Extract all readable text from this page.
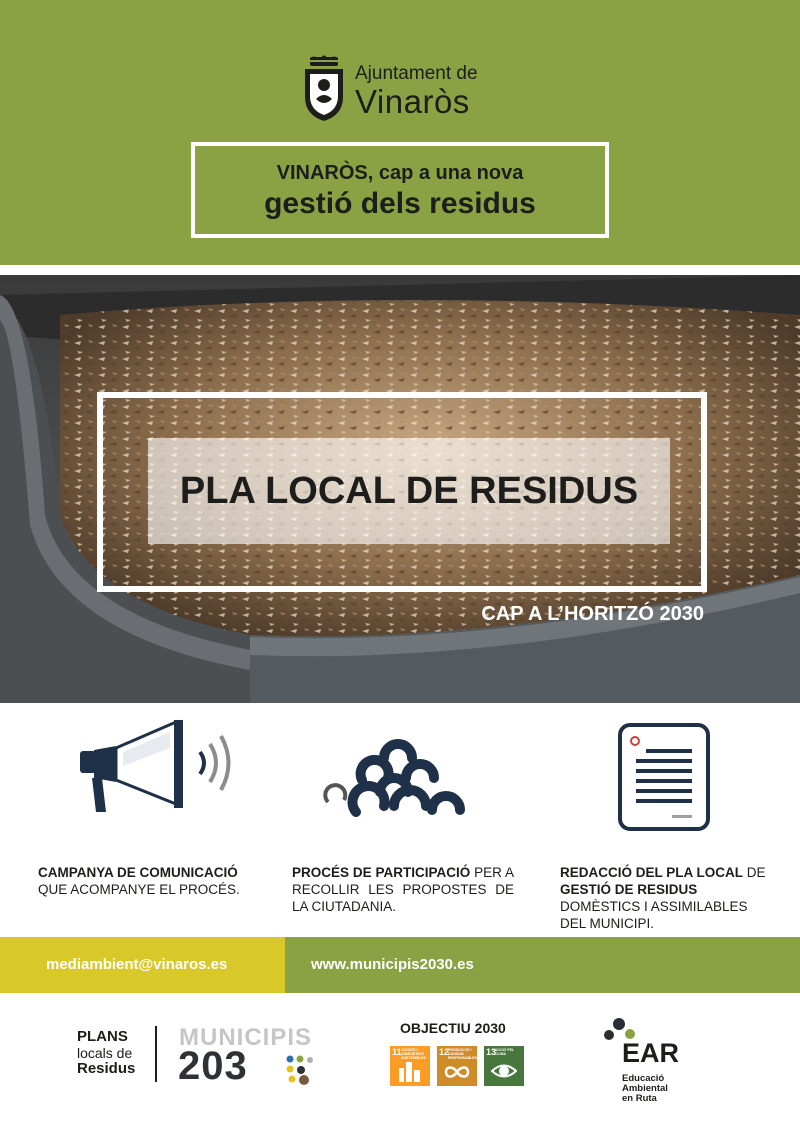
Ajuntament de
Vinaròs
VINARÒS, cap a una nova
gestió dels residus
PLA LOCAL DE RESIDUS
CAP A L’HORITZÓ 2030
CAMPANYA DE COMUNICACIÓ QUE ACOMPANYE EL PROCÉS.
PROCÉS DE PARTICIPACIÓ PER A RECOLLIR LES PROPOSTES DE LA CIUTADANIA.
REDACCIÓ DEL PLA LOCAL DE GESTIÓ DE RESIDUS DOMÈSTICS I ASSIMILABLES DEL MUNICIPI.
mediambient@vinaros.es	www.municipis2030.es
PLANS
locals de
Residus
MUNICIPIS
203
OBJECTIU 2030
11 CIUTATS I COMUNITATS SOSTENIBLES
12
PRODUCCIÓ I CONSUM RESPONSABLES
13
ACCIÓ PEL CLIMA	EAR
Educació
Ambiental
en Ruta
